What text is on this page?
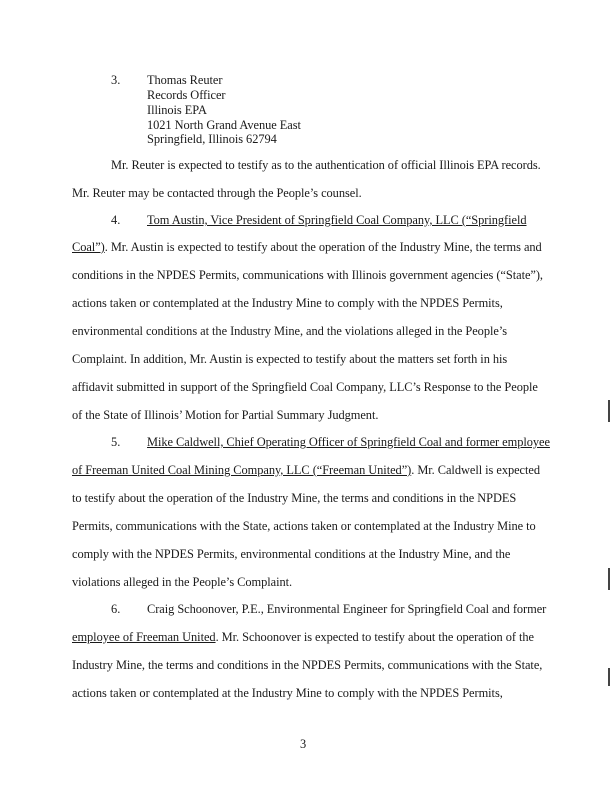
3. Thomas Reuter
Records Officer
Illinois EPA
1021 North Grand Avenue East
Springfield, Illinois 62794
Mr. Reuter is expected to testify as to the authentication of official Illinois EPA records.
Mr. Reuter may be contacted through the People’s counsel.
4. Tom Austin, Vice President of Springfield Coal Company, LLC (“Springfield
Coal”). Mr. Austin is expected to testify about the operation of the Industry Mine, the terms and
conditions in the NPDES Permits, communications with Illinois government agencies (“State”),
actions taken or contemplated at the Industry Mine to comply with the NPDES Permits,
environmental conditions at the Industry Mine, and the violations alleged in the People’s
Complaint. In addition, Mr. Austin is expected to testify about the matters set forth in his
affidavit submitted in support of the Springfield Coal Company, LLC’s Response to the People
of the State of Illinois’ Motion for Partial Summary Judgment.
5. Mike Caldwell, Chief Operating Officer of Springfield Coal and former employee
of Freeman United Coal Mining Company, LLC (“Freeman United”). Mr. Caldwell is expected
to testify about the operation of the Industry Mine, the terms and conditions in the NPDES
Permits, communications with the State, actions taken or contemplated at the Industry Mine to
comply with the NPDES Permits, environmental conditions at the Industry Mine, and the
violations alleged in the People’s Complaint.
6. Craig Schoonover, P.E., Environmental Engineer for Springfield Coal and former
employee of Freeman United. Mr. Schoonover is expected to testify about the operation of the
Industry Mine, the terms and conditions in the NPDES Permits, communications with the State,
actions taken or contemplated at the Industry Mine to comply with the NPDES Permits,
3
